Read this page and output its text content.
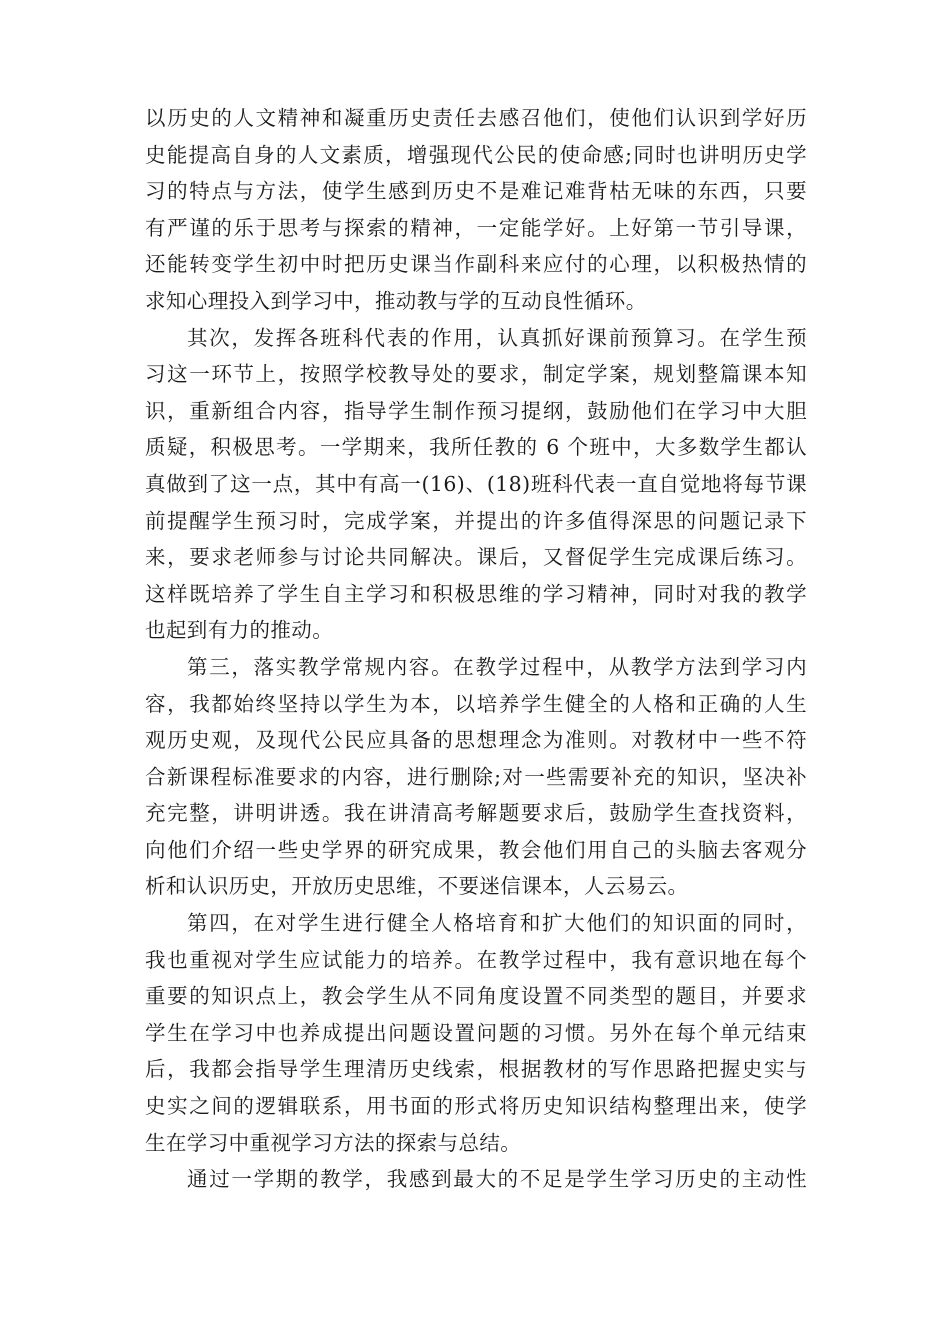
以历史的人文精神和凝重历史责任去感召他们，使他们认识到学好历
史能提高自身的人文素质，增强现代公民的使命感;同时也讲明历史学
习的特点与方法，使学生感到历史不是难记难背枯无味的东西，只要
有严谨的乐于思考与探索的精神，一定能学好。上好第一节引导课，
还能转变学生初中时把历史课当作副科来应付的心理，以积极热情的
求知心理投入到学习中，推动教与学的互动良性循环。
其次，发挥各班科代表的作用，认真抓好课前预算习。在学生预
习这一环节上，按照学校教导处的要求，制定学案，规划整篇课本知
识，重新组合内容，指导学生制作预习提纲，鼓励他们在学习中大胆
质疑，积极思考。一学期来，我所任教的 6 个班中，大多数学生都认
真做到了这一点，其中有高一(16)、(18)班科代表一直自觉地将每节课
前提醒学生预习时，完成学案，并提出的许多值得深思的问题记录下
来，要求老师参与讨论共同解决。课后，又督促学生完成课后练习。
这样既培养了学生自主学习和积极思维的学习精神，同时对我的教学
也起到有力的推动。
第三，落实教学常规内容。在教学过程中，从教学方法到学习内
容，我都始终坚持以学生为本，以培养学生健全的人格和正确的人生
观历史观，及现代公民应具备的思想理念为准则。对教材中一些不符
合新课程标准要求的内容，进行删除;对一些需要补充的知识，坚决补
充完整，讲明讲透。我在讲清高考解题要求后，鼓励学生查找资料，
向他们介绍一些史学界的研究成果，教会他们用自己的头脑去客观分
析和认识历史，开放历史思维，不要迷信课本，人云易云。
第四，在对学生进行健全人格培育和扩大他们的知识面的同时，
我也重视对学生应试能力的培养。在教学过程中，我有意识地在每个
重要的知识点上，教会学生从不同角度设置不同类型的题目，并要求
学生在学习中也养成提出问题设置问题的习惯。另外在每个单元结束
后，我都会指导学生理清历史线索，根据教材的写作思路把握史实与
史实之间的逻辑联系，用书面的形式将历史知识结构整理出来，使学
生在学习中重视学习方法的探索与总结。
通过一学期的教学，我感到最大的不足是学生学习历史的主动性
